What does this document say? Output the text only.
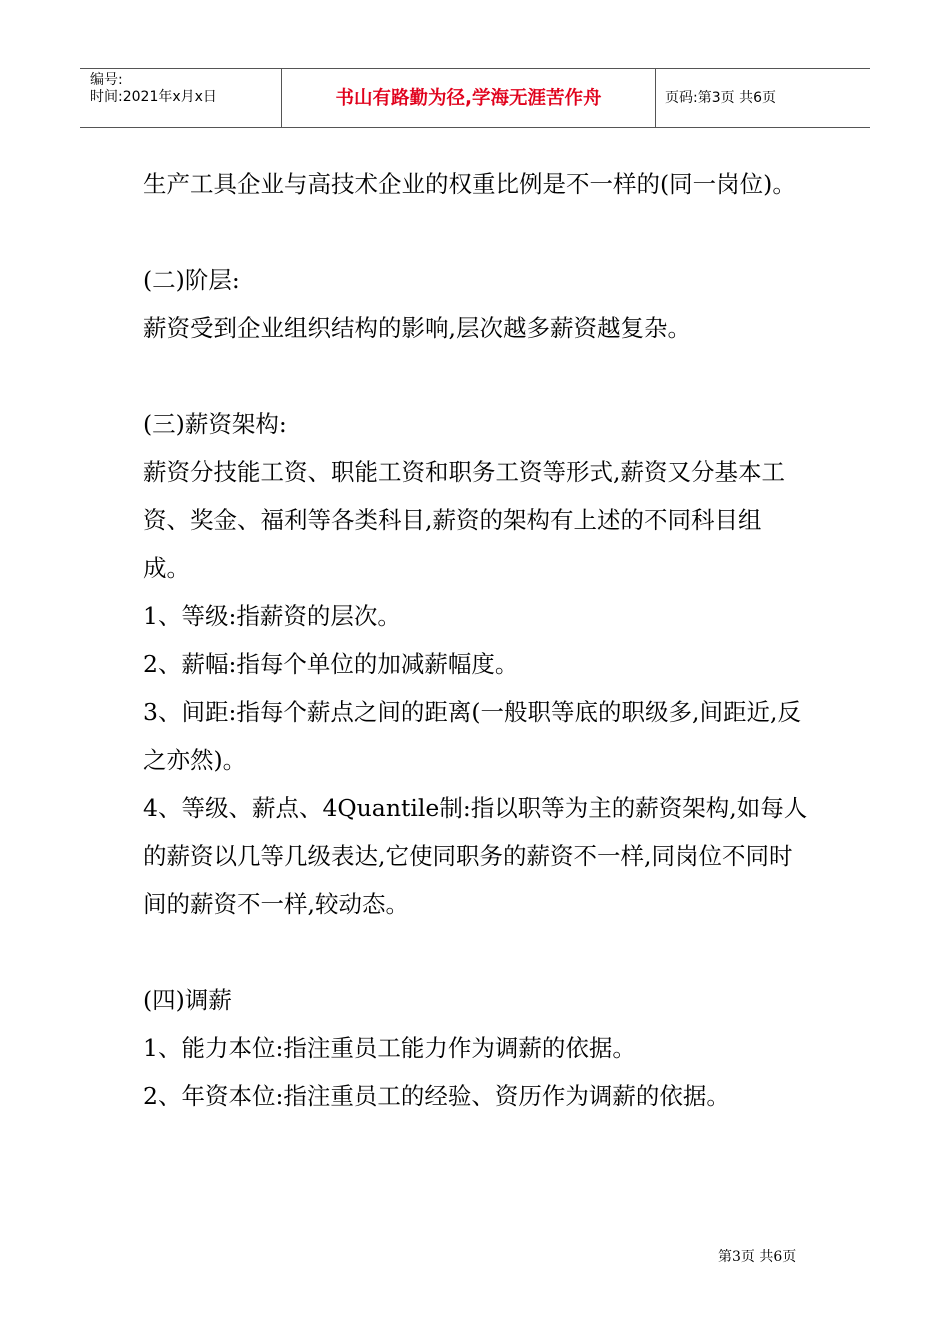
编号:
时间:2021年x月x日	书山有路勤为径,学海无涯苦作舟	页码:第3页 共6页

生产工具企业与高技术企业的权重比例是不一样的(同一岗位)。

(二)阶层:

薪资受到企业组织结构的影响,层次越多薪资越复杂。

(三)薪资架构:

薪资分技能工资、职能工资和职务工资等形式,薪资又分基本工资、奖金、福利等各类科目,薪资的架构有上述的不同科目组成。

1、等级:指薪资的层次。

2、薪幅:指每个单位的加减薪幅度。

3、间距:指每个薪点之间的距离(一般职等底的职级多,间距近,反之亦然)。

4、等级、薪点、4Quantile制:指以职等为主的薪资架构,如每人的薪资以几等几级表达,它使同职务的薪资不一样,同岗位不同时间的薪资不一样,较动态。

(四)调薪

1、能力本位:指注重员工能力作为调薪的依据。

2、年资本位:指注重员工的经验、资历作为调薪的依据。

第3页 共6页
